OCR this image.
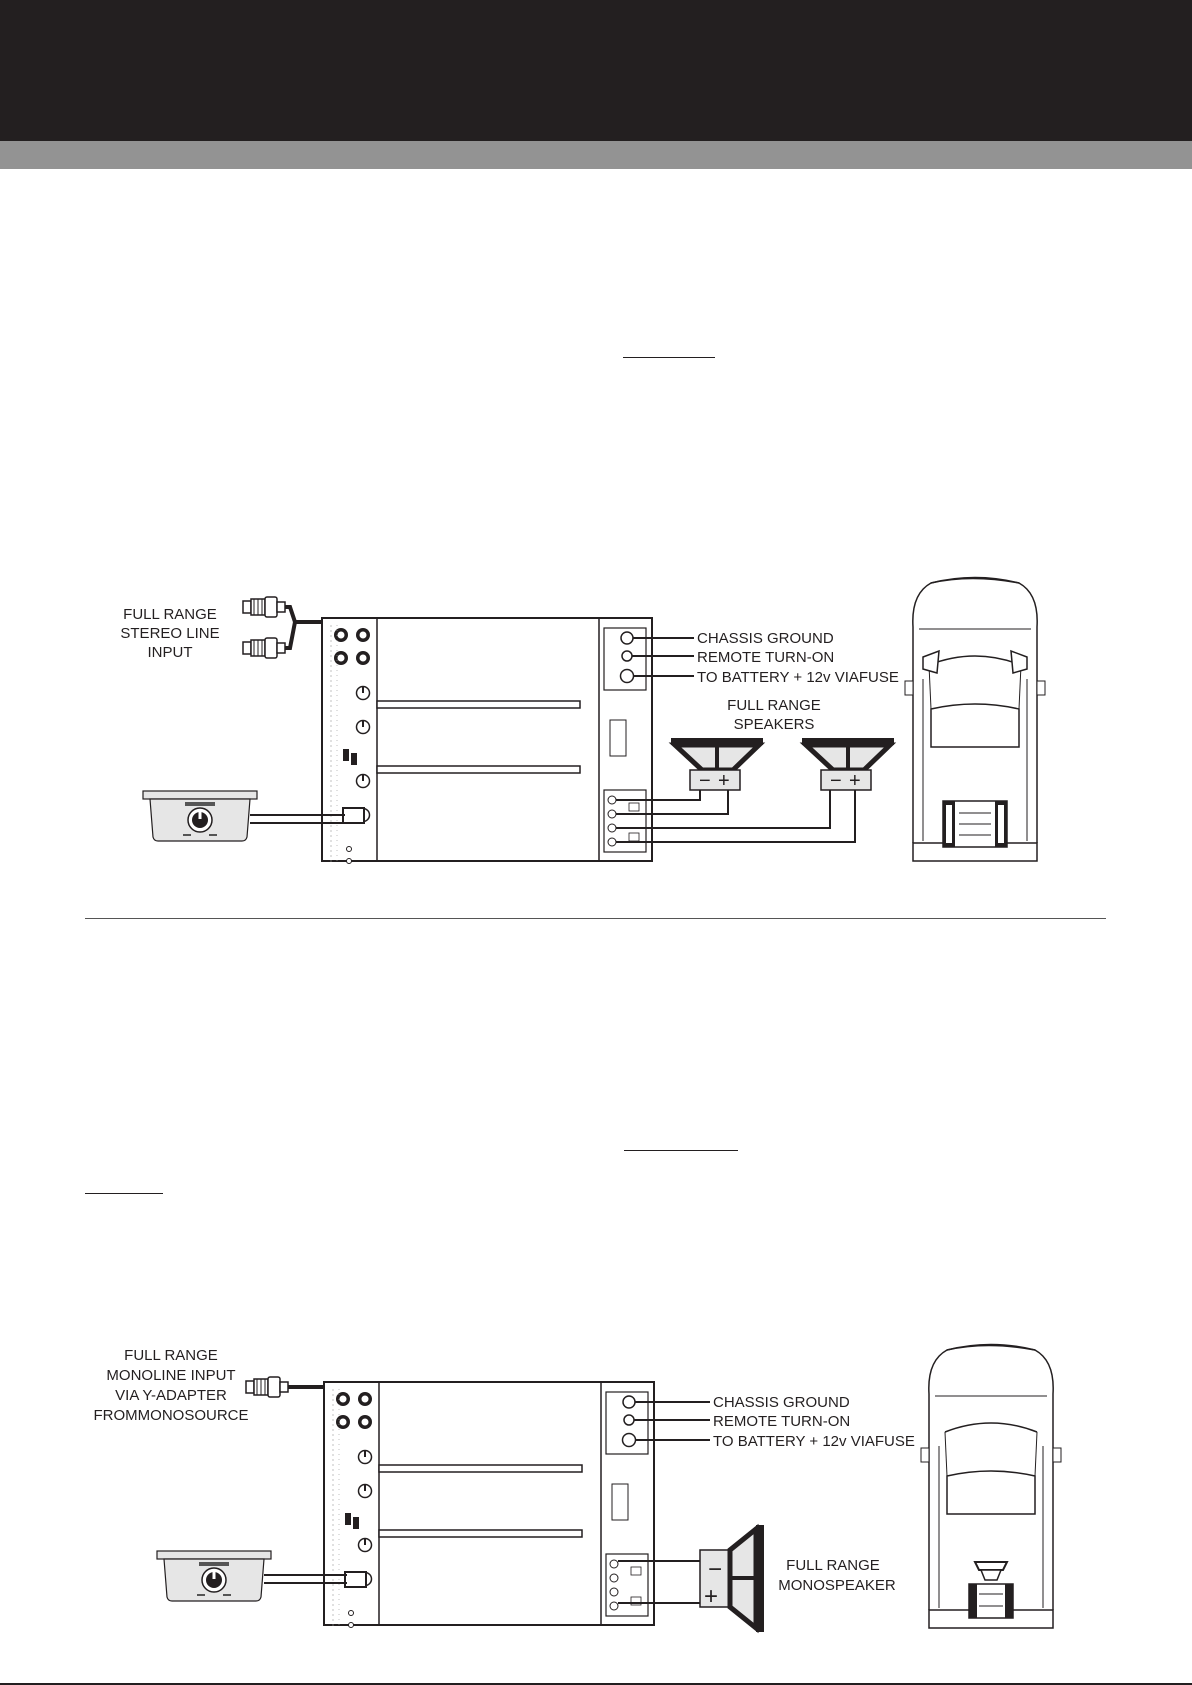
FULL RANGE
STEREO LINE
INPUT
CHASSIS GROUND
REMOTE TURN-ON
TO BATTERY + 12v VIAFUSE
FULL RANGE
SPEAKERS
− +	− +
FULL RANGE
MONOLINE INPUT
VIA Y-ADAPTER
FROMMONOSOURCE
CHASSIS GROUND
REMOTE TURN-ON
TO BATTERY + 12v VIAFUSE
−
+
FULL RANGE
MONOSPEAKER
